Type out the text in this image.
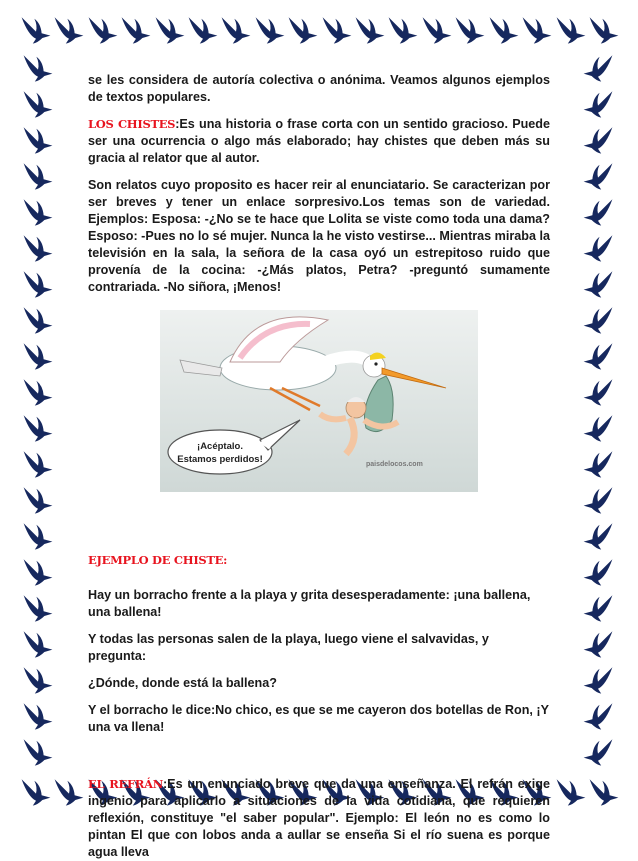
se les considera de autoría colectiva o anónima. Veamos algunos ejemplos de textos populares.

LOS CHISTES:Es una historia o frase corta con un sentido gracioso. Puede ser una ocurrencia o algo más elaborado; hay chistes que deben más su gracia al relator que al autor.

Son relatos cuyo proposito es hacer reir al enunciatario. Se caracterizan por ser breves y tener un enlace sorpresivo.Los temas son de variedad. Ejemplos: Esposa: -¿No se te hace que Lolita se viste como toda una dama? Esposo: -Pues no lo sé mujer. Nunca la he visto vestirse... Mientras miraba la televisión en la sala, la señora de la casa oyó un estrepitoso ruido que provenía de la cocina: -¿Más platos, Petra? -preguntó sumamente contrariada. -No siñora, ¡Menos!

¡Acéptalo.
Estamos perdidos!	paisdelocos.com

EJEMPLO DE CHISTE:

Hay un borracho frente a la playa y grita desesperadamente: ¡una ballena, una ballena!

Y todas las personas salen de la playa, luego viene el salvavidas, y pregunta:

¿Dónde, donde está la ballena?

Y el borracho le dice:No chico, es que se me cayeron dos botellas de Ron, ¡Y una va llena!

EL REFRÁN:Es un enunciado breve que da una enseñanza. El refrán exige ingenio para aplicarlo a situaciones de la vida cotidiana, que requieren reflexión, constituye "el saber popular". Ejemplo: El león no es como lo pintan El que con lobos anda a aullar se enseña Si el río suena es porque agua lleva
